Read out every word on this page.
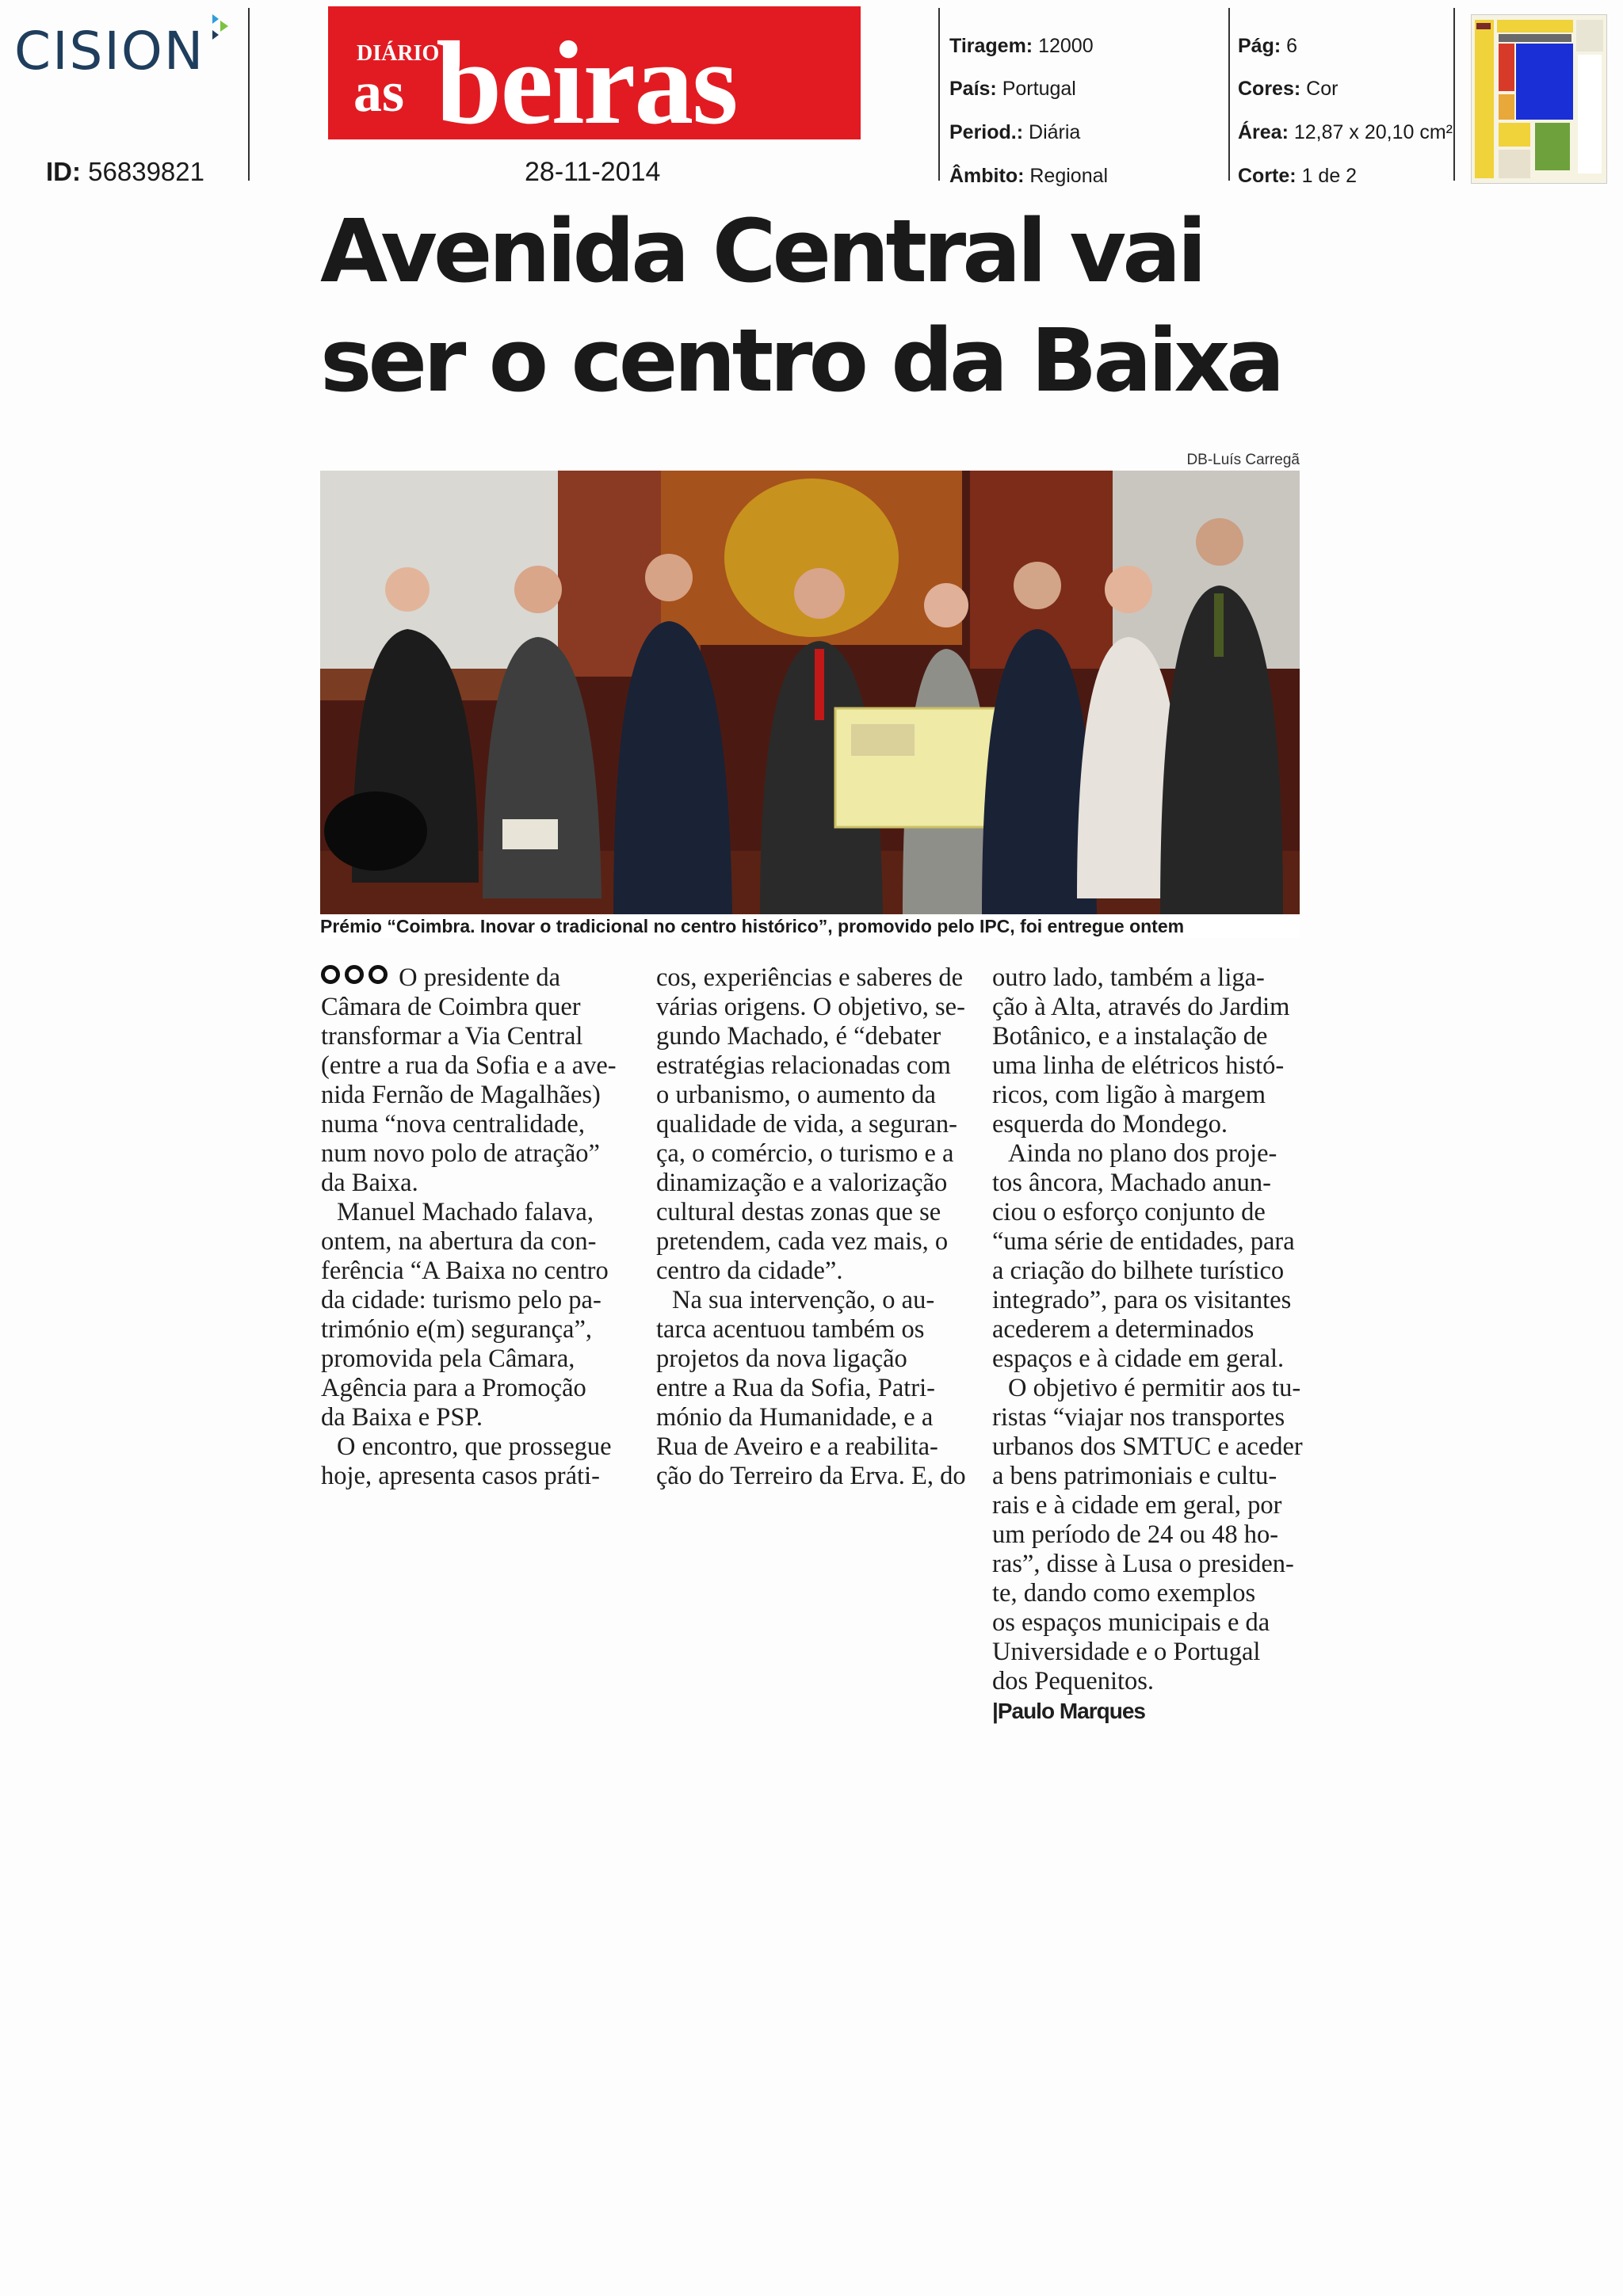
CISION
ID: 56839821
DIÁRIO
as beiras
28-11-2014
Tiragem: 12000
País: Portugal
Period.: Diária
Âmbito: Regional
Pág: 6
Cores: Cor
Área: 12,87 x 20,10 cm²
Corte: 1 de 2
Avenida Central vai
ser o centro da Baixa
DB-Luís Carregã
Prémio “Coimbra. Inovar o tradicional no centro histórico”, promovido pelo IPC, foi entregue ontem

O presidente da

Câmara de Coimbra quer

transformar a Via Central

(entre a rua da Sofia e a ave-

nida Fernão de Magalhães)

numa “nova centralidade,

num novo polo de atração”

da Baixa.

Manuel Machado falava,

ontem, na abertura da con-

ferência “A Baixa no centro

da cidade: turismo pelo pa-

trimónio e(m) segurança”,

promovida pela Câmara,

Agência para a Promoção

da Baixa e PSP.

O encontro, que prossegue

hoje, apresenta casos práti-

cos, experiências e saberes de

várias origens. O objetivo, se-

gundo Machado, é “debater

estratégias relacionadas com

o urbanismo, o aumento da

qualidade de vida, a seguran-

ça, o comércio, o turismo e a

dinamização e a valorização

cultural destas zonas que se

pretendem, cada vez mais, o

centro da cidade”.

Na sua intervenção, o au-

tarca acentuou também os

projetos da nova ligação

entre a Rua da Sofia, Patri-

mónio da Humanidade, e a

Rua de Aveiro e a reabilita-

ção do Terreiro da Erva. E, do

outro lado, também a liga-

ção à Alta, através do Jardim

Botânico, e a instalação de

uma linha de elétricos histó-

ricos, com ligão à margem

esquerda do Mondego.

Ainda no plano dos proje-

tos âncora, Machado anun-

ciou o esforço conjunto de

“uma série de entidades, para

a criação do bilhete turístico

integrado”, para os visitantes

acederem a determinados

espaços e à cidade em geral.

O objetivo é permitir aos tu-

ristas “viajar nos transportes

urbanos dos SMTUC e aceder

a bens patrimoniais e cultu-

rais e à cidade em geral, por

um período de 24 ou 48 ho-

ras”, disse à Lusa o presiden-

te, dando como exemplos

os espaços municipais e da

Universidade e o Portugal

dos Pequenitos.

|Paulo Marques
